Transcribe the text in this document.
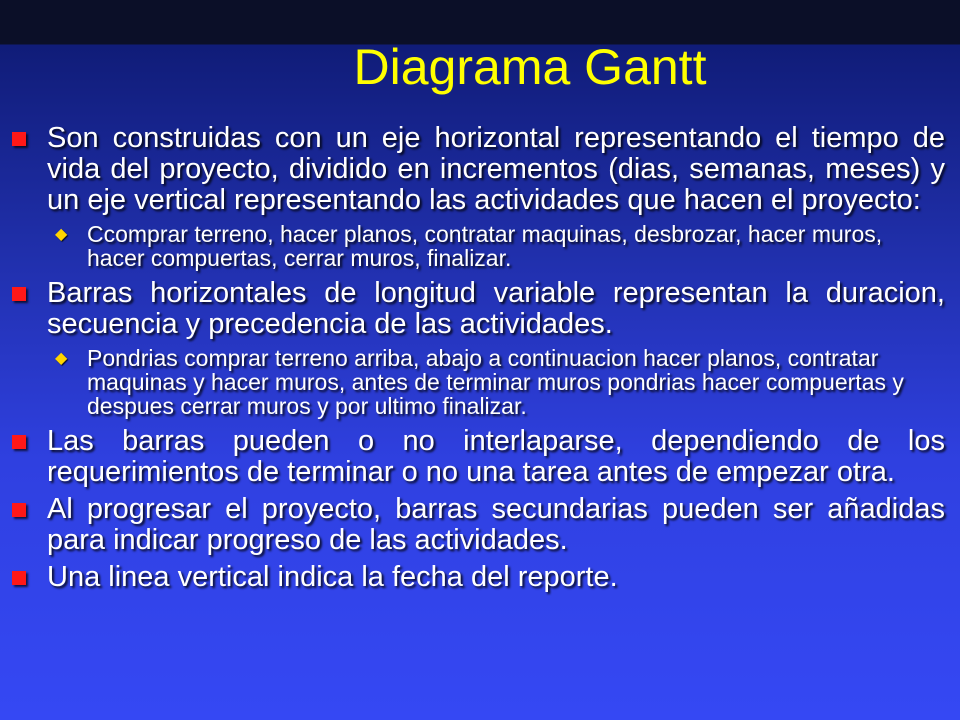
Diagrama Gantt
Son construidas con un eje horizontal representando el tiempo de vida del proyecto, dividido en incrementos (dias, semanas, meses) y un eje vertical representando las actividades que hacen el proyecto:
◆ Ccomprar terreno, hacer planos, contratar maquinas, desbrozar, hacer muros, hacer compuertas, cerrar muros, finalizar.
Barras horizontales de longitud variable representan la duracion, secuencia y precedencia de las actividades.
◆ Pondrias comprar terreno arriba, abajo a continuacion hacer planos, contratar maquinas y hacer muros, antes de terminar muros pondrias hacer compuertas y despues cerrar muros y por ultimo finalizar.
Las barras pueden o no interlaparse, dependiendo de los requerimientos de terminar o no una tarea antes de empezar otra.
Al progresar el proyecto, barras secundarias pueden ser añadidas para indicar progreso de las actividades.
Una linea vertical indica la fecha del reporte.
